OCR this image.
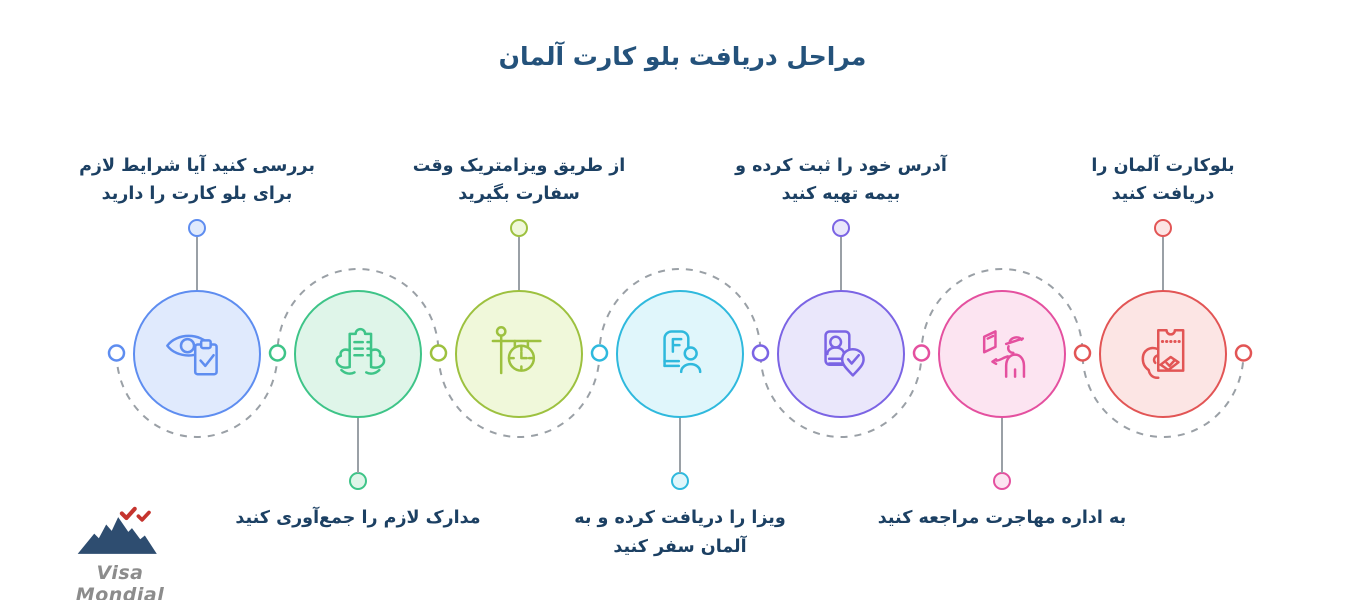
مراحل دریافت بلو کارت آلمان
بررسی کنید آیا شرایط لازم
برای بلو کارت را دارید
مدارک لازم را جمع‌آوری کنید
از طریق ویزامتریک وقت
سفارت بگیرید
ویزا را دریافت کرده و به
آلمان سفر کنید
آدرس خود را ثبت کرده و
بیمه تهیه کنید
به اداره مهاجرت مراجعه کنید
بلوکارت آلمان را
دریافت کنید
Visa Mondial
